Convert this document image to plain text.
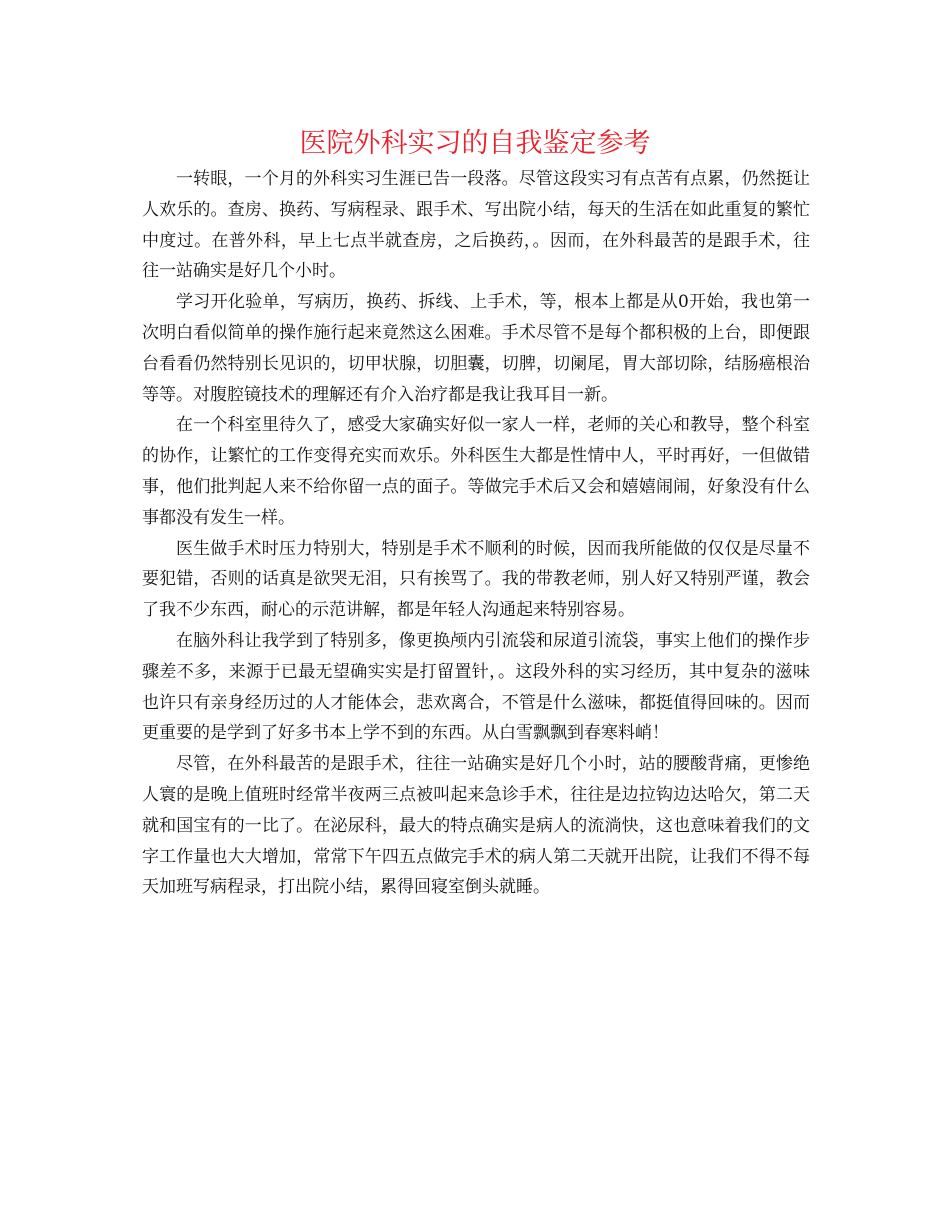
医院外科实习的自我鉴定参考

一转眼，一个月的外科实习生涯已告一段落。尽管这段实习有点苦有点累，仍然挺让人欢乐的。查房、换药、写病程录、跟手术、写出院小结，每天的生活在如此重复的繁忙中度过。在普外科，早上七点半就查房，之后换药，。因而，在外科最苦的是跟手术，往往一站确实是好几个小时。

学习开化验单，写病历，换药、拆线、上手术，等，根本上都是从0开始，我也第一次明白看似简单的操作施行起来竟然这么困难。手术尽管不是每个都积极的上台，即便跟台看看仍然特别长见识的，切甲状腺，切胆囊，切脾，切阑尾，胃大部切除，结肠癌根治等等。对腹腔镜技术的理解还有介入治疗都是我让我耳目一新。

在一个科室里待久了，感受大家确实好似一家人一样，老师的关心和教导，整个科室的协作，让繁忙的工作变得充实而欢乐。外科医生大都是性情中人，平时再好，一但做错事，他们批判起人来不给你留一点的面子。等做完手术后又会和嬉嬉闹闹，好象没有什么事都没有发生一样。

医生做手术时压力特别大，特别是手术不顺利的时候，因而我所能做的仅仅是尽量不要犯错，否则的话真是欲哭无泪，只有挨骂了。我的带教老师，别人好又特别严谨，教会了我不少东西，耐心的示范讲解，都是年轻人沟通起来特别容易。

在脑外科让我学到了特别多，像更换颅内引流袋和尿道引流袋，事实上他们的操作步骤差不多，来源于已最无望确实实是打留置针，。这段外科的实习经历，其中复杂的滋味也许只有亲身经历过的人才能体会，悲欢离合，不管是什么滋味，都挺值得回味的。因而更重要的是学到了好多书本上学不到的东西。从白雪飘飘到春寒料峭！

尽管，在外科最苦的是跟手术，往往一站确实是好几个小时，站的腰酸背痛，更惨绝人寰的是晚上值班时经常半夜两三点被叫起来急诊手术，往往是边拉钩边达哈欠，第二天就和国宝有的一比了。在泌尿科，最大的特点确实是病人的流淌快，这也意味着我们的文字工作量也大大增加，常常下午四五点做完手术的病人第二天就开出院，让我们不得不每天加班写病程录，打出院小结，累得回寝室倒头就睡。
